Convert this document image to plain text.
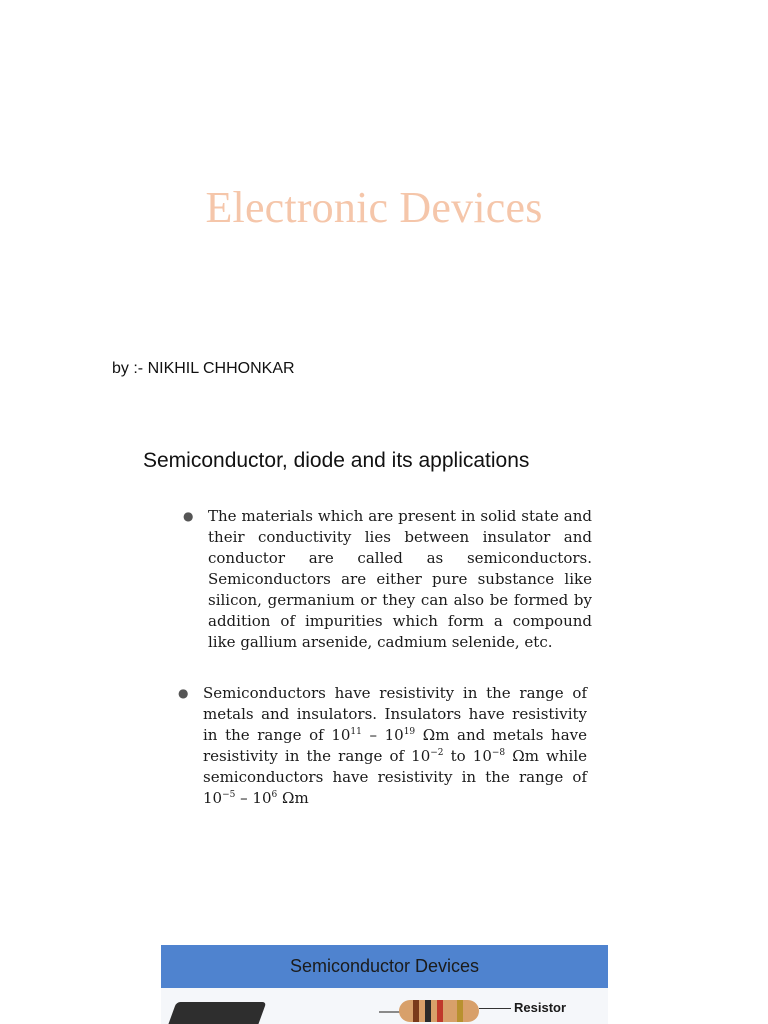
Electronic Devices

by :- NIKHIL CHHONKAR

Semiconductor, diode and its applications

● The materials which are present in solid state and their conductivity lies between insulator and conductor are called as semiconductors. Semiconductors are either pure substance like silicon, germanium or they can also be formed by addition of impurities which form a compound like gallium arsenide, cadmium selenide, etc.

● Semiconductors have resistivity in the range of metals and insulators. Insulators have resistivity in the range of $10^{11} - 10^{19}$ Ωm and metals have resistivity in the range of $10^{-2}$ to $10^{-8}$ Ωm while semiconductors have resistivity in the range of $10^{-5} - 10^6$ Ωm

Semiconductor Devices
Resistor
